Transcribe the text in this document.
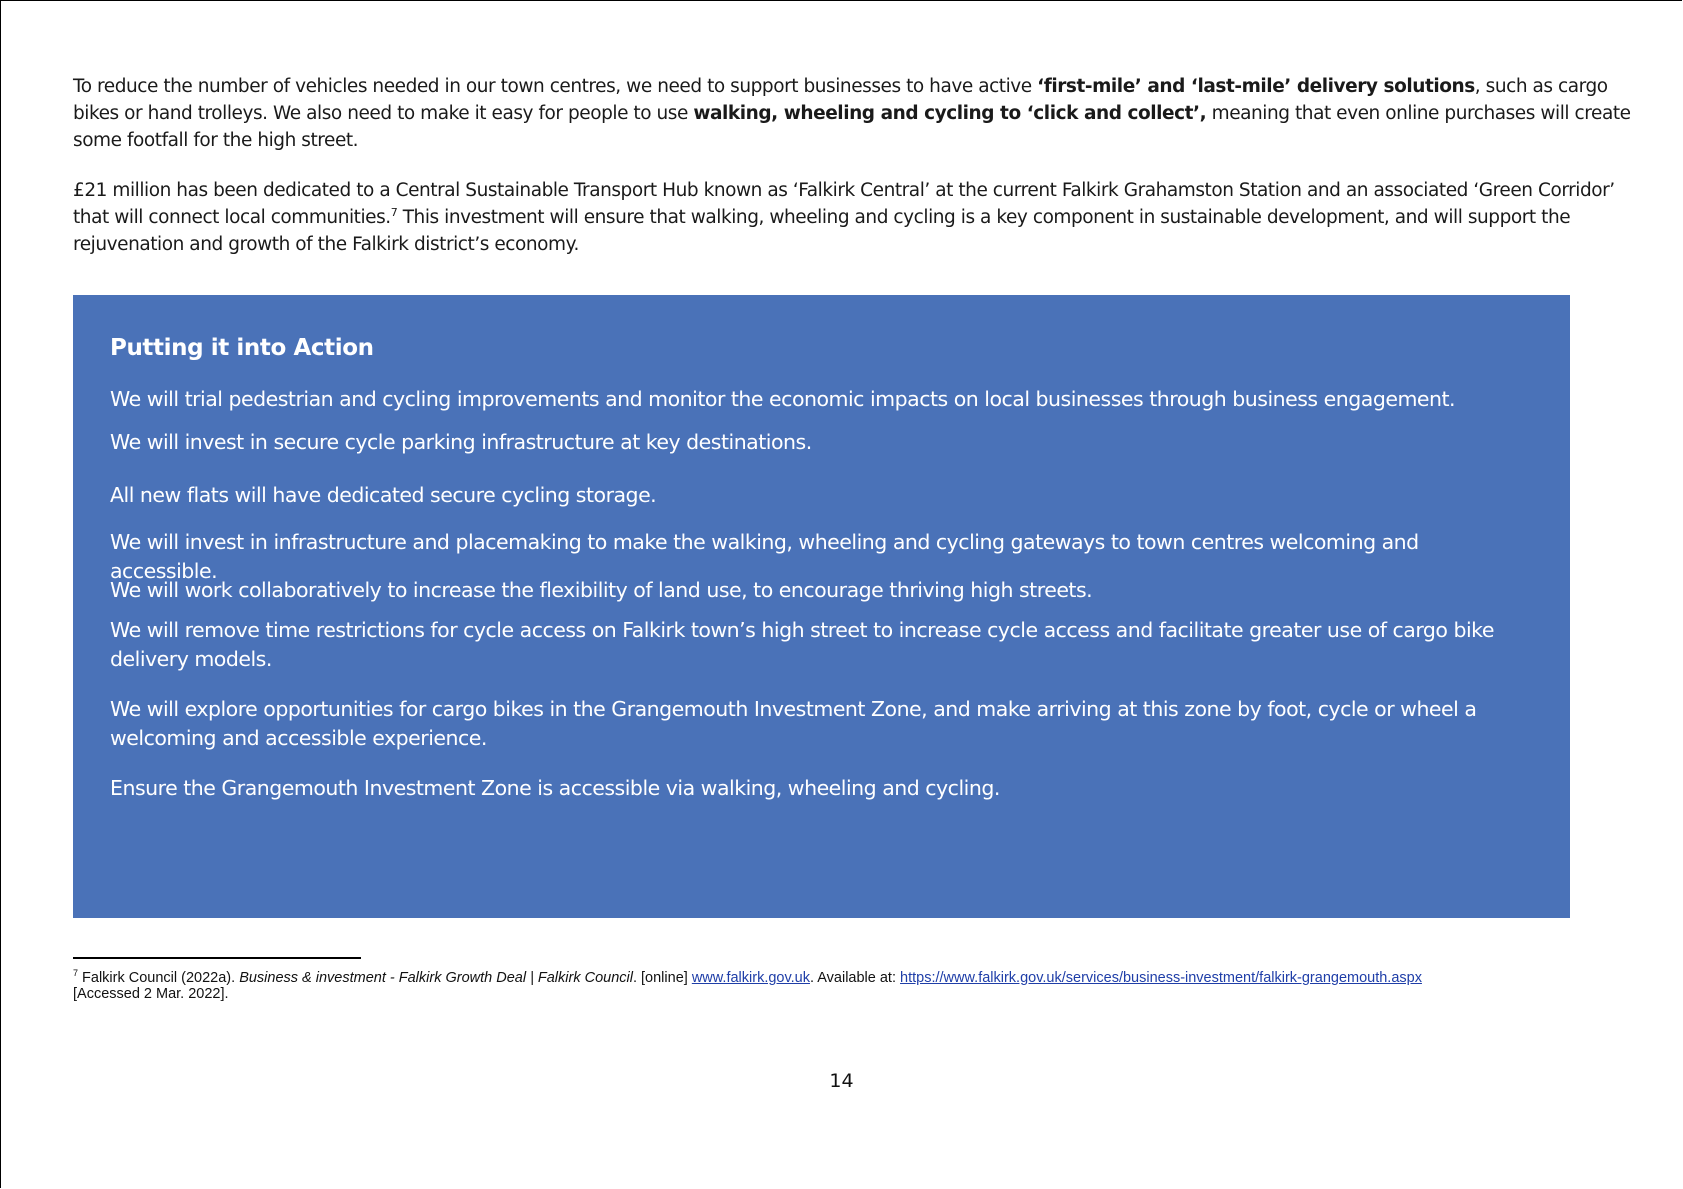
To reduce the number of vehicles needed in our town centres, we need to support businesses to have active ‘first-mile’ and ‘last-mile’ delivery solutions, such as cargo bikes or hand trolleys. We also need to make it easy for people to use walking, wheeling and cycling to ‘click and collect’, meaning that even online purchases will create some footfall for the high street.

£21 million has been dedicated to a Central Sustainable Transport Hub known as ‘Falkirk Central’ at the current Falkirk Grahamston Station and an associated ‘Green Corridor’ that will connect local communities.$^7$ This investment will ensure that walking, wheeling and cycling is a key component in sustainable development, and will support the rejuvenation and growth of the Falkirk district’s economy.

Putting it into Action

We will trial pedestrian and cycling improvements and monitor the economic impacts on local businesses through business engagement.

We will invest in secure cycle parking infrastructure at key destinations.

All new flats will have dedicated secure cycling storage.

We will invest in infrastructure and placemaking to make the walking, wheeling and cycling gateways to town centres welcoming and accessible.

We will work collaboratively to increase the flexibility of land use, to encourage thriving high streets.

We will remove time restrictions for cycle access on Falkirk town’s high street to increase cycle access and facilitate greater use of cargo bike delivery models.

We will explore opportunities for cargo bikes in the Grangemouth Investment Zone, and make arriving at this zone by foot, cycle or wheel a welcoming and accessible experience.

Ensure the Grangemouth Investment Zone is accessible via walking, wheeling and cycling.

$^7$ Falkirk Council (2022a). Business & investment - Falkirk Growth Deal | Falkirk Council. [online] www.falkirk.gov.uk. Available at: https://www.falkirk.gov.uk/services/business-investment/falkirk-grangemouth.aspx
[Accessed 2 Mar. 2022].

14
